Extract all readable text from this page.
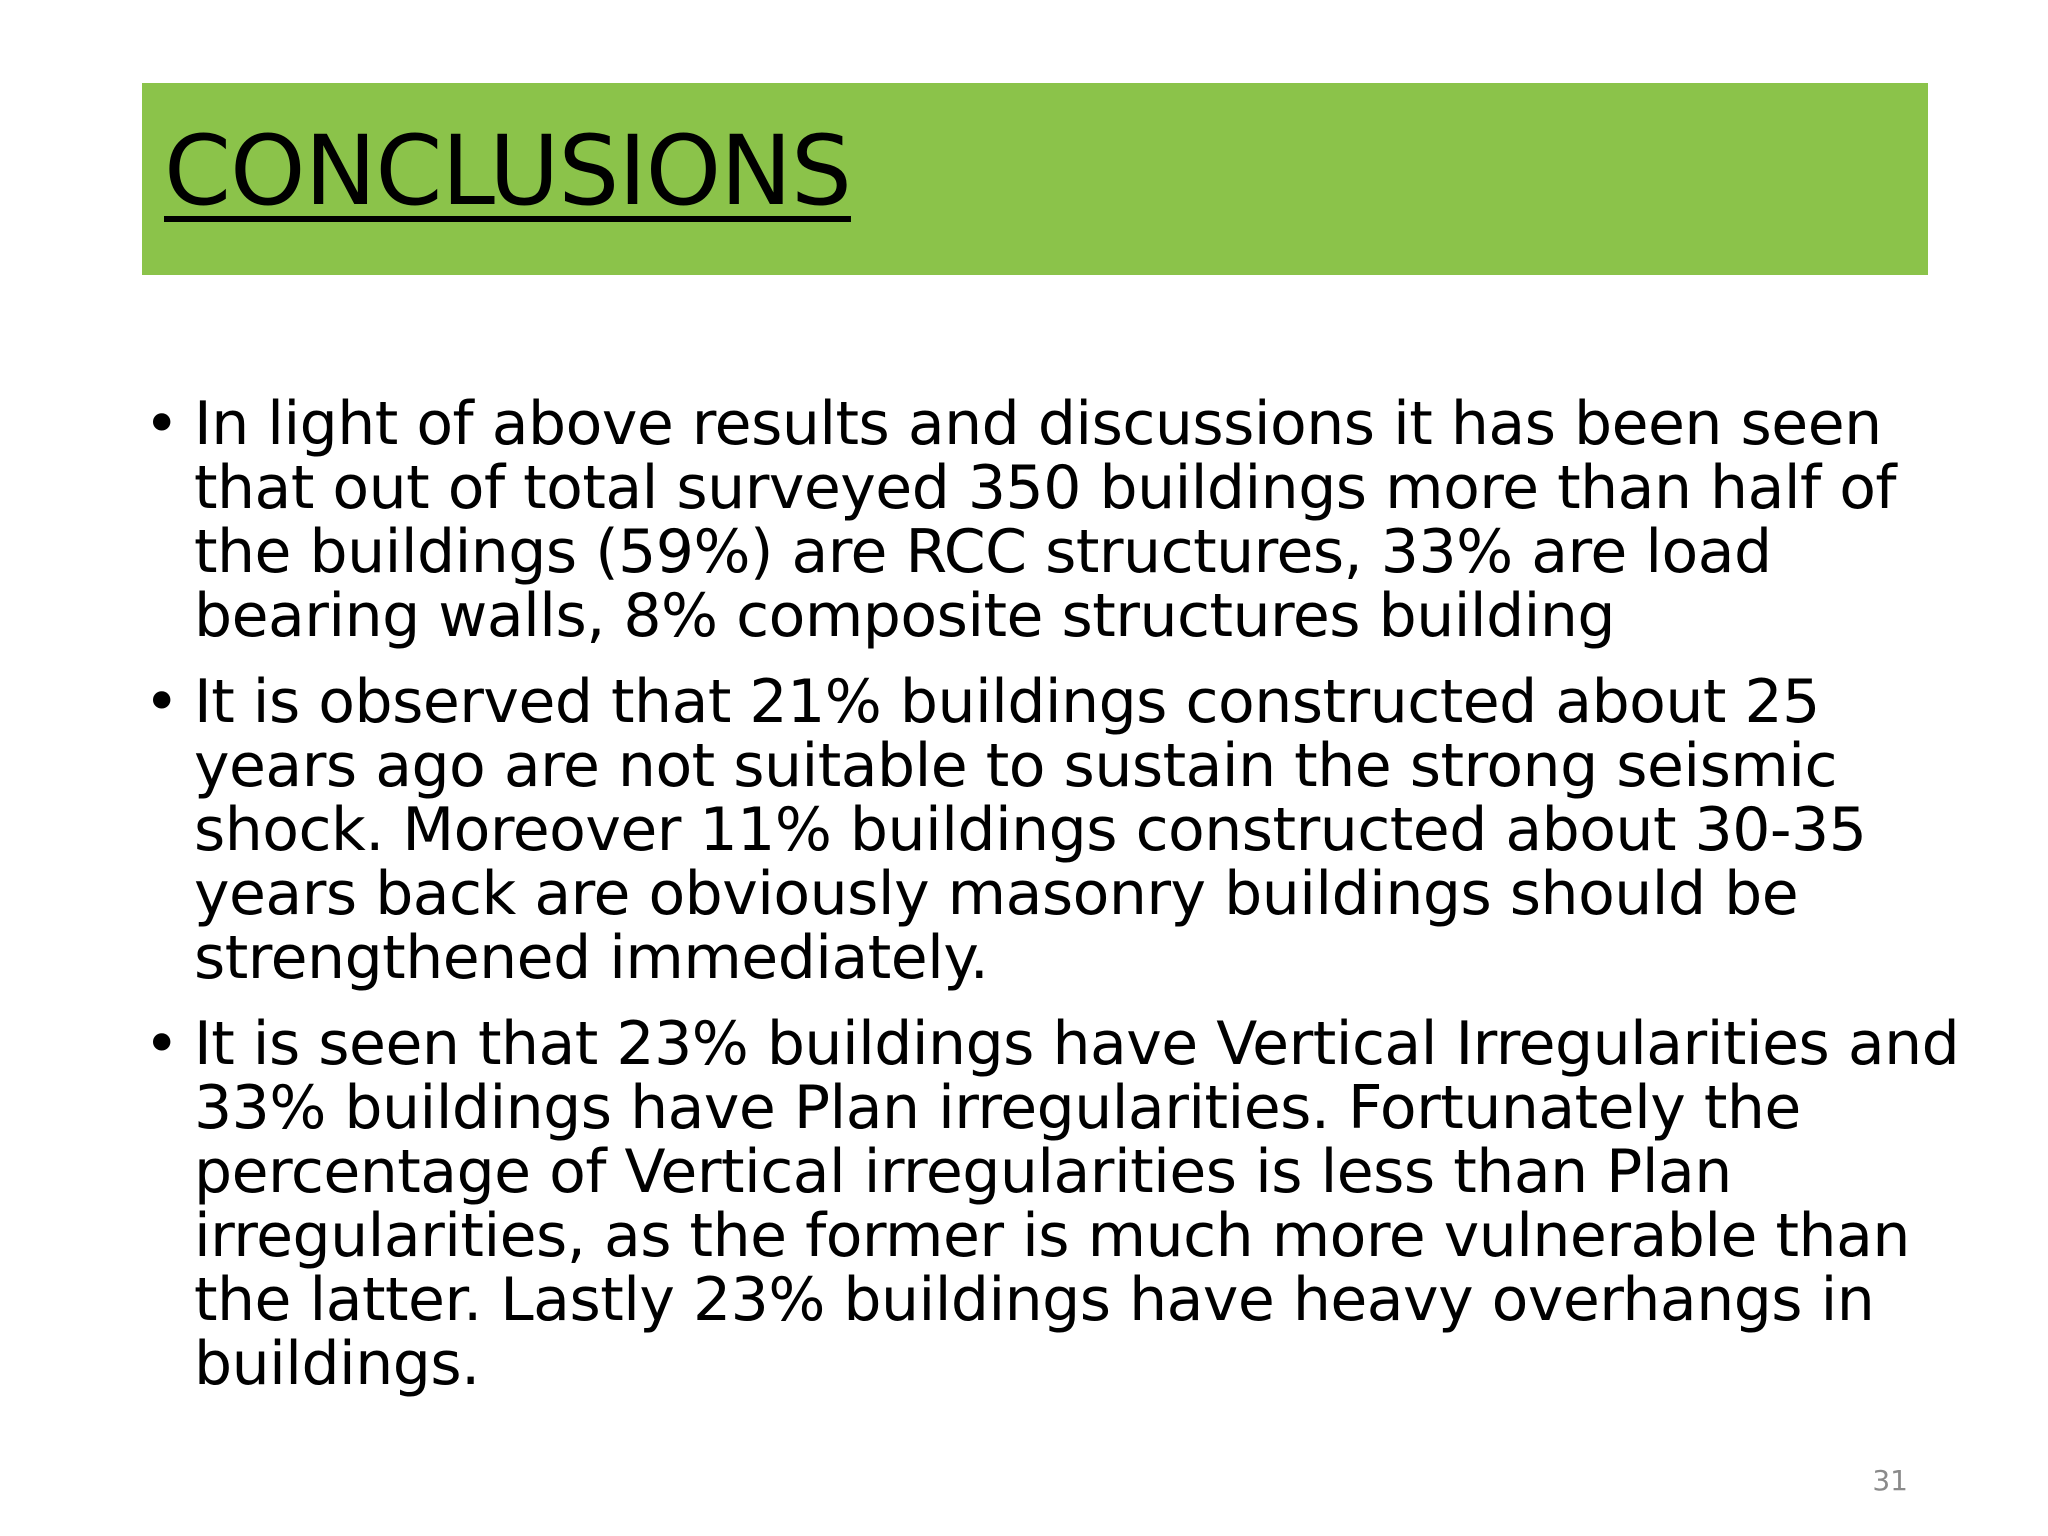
CONCLUSIONS
• In light of above results and discussions it has been seen that out of total surveyed 350 buildings more than half of the buildings (59%) are RCC structures, 33% are load bearing walls, 8% composite structures building
• It is observed that 21% buildings constructed about 25 years ago are not suitable to sustain the strong seismic shock. Moreover 11% buildings constructed about 30-35 years back are obviously masonry buildings should be strengthened immediately.
• It is seen that 23% buildings have Vertical Irregularities and 33% buildings have Plan irregularities. Fortunately the percentage of Vertical irregularities is less than Plan irregularities, as the former is much more vulnerable than the latter. Lastly 23% buildings have heavy overhangs in buildings.
31
